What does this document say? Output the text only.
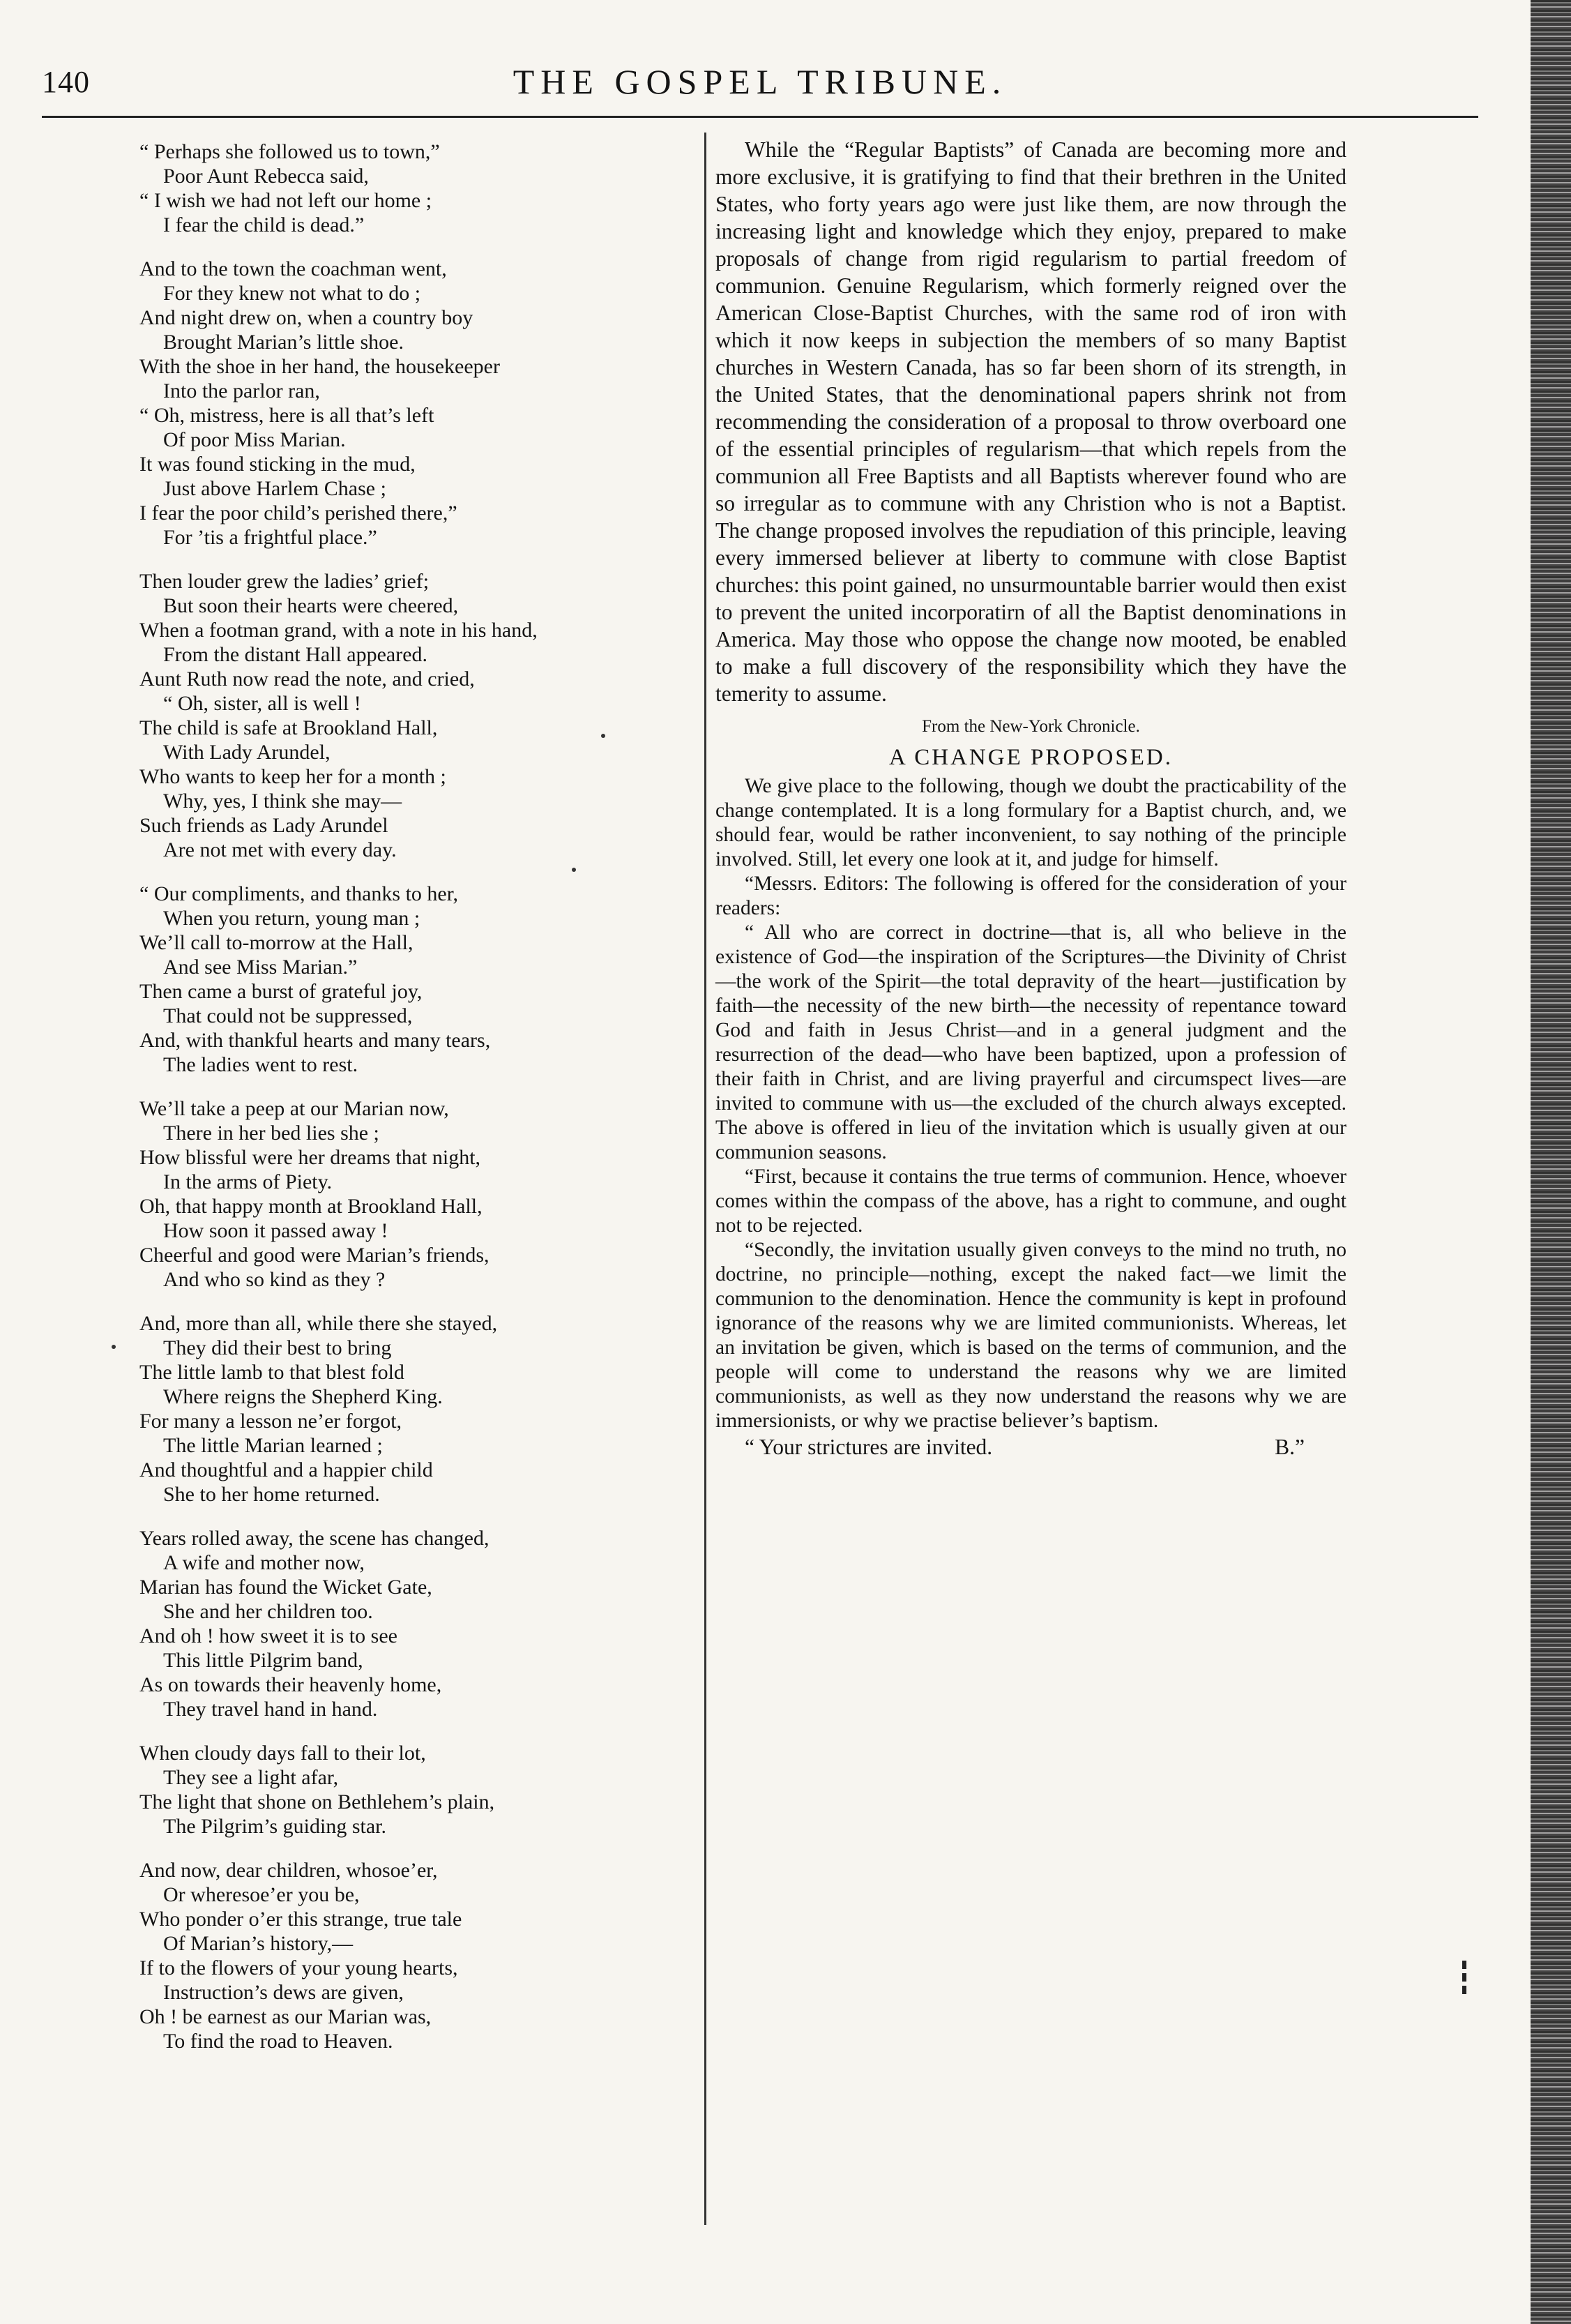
140	THE GOSPEL TRIBUNE.
“ Perhaps she followed us to town,”
Poor Aunt Rebecca said,
“ I wish we had not left our home ;
I fear the child is dead.”
And to the town the coachman went,
For they knew not what to do ;
And night drew on, when a country boy
Brought Marian’s little shoe.
With the shoe in her hand, the housekeeper
Into the parlor ran,
“ Oh, mistress, here is all that’s left
Of poor Miss Marian.
It was found sticking in the mud,
Just above Harlem Chase ;
I fear the poor child’s perished there,”
For ’tis a frightful place.”
Then louder grew the ladies’ grief;
But soon their hearts were cheered,
When a footman grand, with a note in his hand,
From the distant Hall appeared.
Aunt Ruth now read the note, and cried,
“ Oh, sister, all is well !
The child is safe at Brookland Hall,
With Lady Arundel,
Who wants to keep her for a month ;
Why, yes, I think she may—
Such friends as Lady Arundel
Are not met with every day.
“ Our compliments, and thanks to her,
When you return, young man ;
We’ll call to-morrow at the Hall,
And see Miss Marian.”
Then came a burst of grateful joy,
That could not be suppressed,
And, with thankful hearts and many tears,
The ladies went to rest.
We’ll take a peep at our Marian now,
There in her bed lies she ;
How blissful were her dreams that night,
In the arms of Piety.
Oh, that happy month at Brookland Hall,
How soon it passed away !
Cheerful and good were Marian’s friends,
And who so kind as they ?
And, more than all, while there she stayed,
They did their best to bring
The little lamb to that blest fold
Where reigns the Shepherd King.
For many a lesson ne’er forgot,
The little Marian learned ;
And thoughtful and a happier child
She to her home returned.
Years rolled away, the scene has changed,
A wife and mother now,
Marian has found the Wicket Gate,
She and her children too.
And oh ! how sweet it is to see
This little Pilgrim band,
As on towards their heavenly home,
They travel hand in hand.
When cloudy days fall to their lot,
They see a light afar,
The light that shone on Bethlehem’s plain,
The Pilgrim’s guiding star.
And now, dear children, whosoe’er,
Or wheresoe’er you be,
Who ponder o’er this strange, true tale
Of Marian’s history,—
If to the flowers of your young hearts,
Instruction’s dews are given,
Oh ! be earnest as our Marian was,
To find the road to Heaven.

While the “Regular Baptists” of Canada are becoming more and more exclusive, it is gratifying to find that their brethren in the United States, who forty years ago were just like them, are now through the increasing light and knowledge which they enjoy, prepared to make proposals of change from rigid regularism to partial freedom of communion. Genuine Regularism, which formerly reigned over the American Close-Baptist Churches, with the same rod of iron with which it now keeps in subjection the members of so many Baptist churches in Western Canada, has so far been shorn of its strength, in the United States, that the denominational papers shrink not from recommending the consideration of a proposal to throw overboard one of the essential principles of regularism—that which repels from the communion all Free Baptists and all Baptists wherever found who are so irregular as to commune with any Christion who is not a Baptist. The change proposed involves the repudiation of this principle, leaving every immersed believer at liberty to commune with close Baptist churches: this point gained, no unsurmountable barrier would then exist to prevent the united incorporatirn of all the Baptist denominations in America. May those who oppose the change now mooted, be enabled to make a full discovery of the responsibility which they have the temerity to assume.

From the New-York Chronicle.
A CHANGE PROPOSED.

We give place to the following, though we doubt the practicability of the change contemplated. It is a long formulary for a Baptist church, and, we should fear, would be rather inconvenient, to say nothing of the principle involved. Still, let every one look at it, and judge for himself.

“Messrs. Editors: The following is offered for the consideration of your readers:

“ All who are correct in doctrine—that is, all who believe in the existence of God—the inspiration of the Scriptures—the Divinity of Christ—the work of the Spirit—the total depravity of the heart—justification by faith—the necessity of the new birth—the necessity of repentance toward God and faith in Jesus Christ—and in a general judgment and the resurrection of the dead—who have been baptized, upon a profession of their faith in Christ, and are living prayerful and circumspect lives—are invited to commune with us—the excluded of the church always excepted. The above is offered in lieu of the invitation which is usually given at our communion seasons.

“First, because it contains the true terms of communion. Hence, whoever comes within the compass of the above, has a right to commune, and ought not to be rejected.

“Secondly, the invitation usually given conveys to the mind no truth, no doctrine, no principle—nothing, except the naked fact—we limit the communion to the denomination. Hence the community is kept in profound ignorance of the reasons why we are limited communionists. Whereas, let an invitation be given, which is based on the terms of communion, and the people will come to understand the reasons why we are limited communionists, as well as they now understand the reasons why we are immersionists, or why we practise believer’s baptism.

“ Your strictures are invited.	B.”
